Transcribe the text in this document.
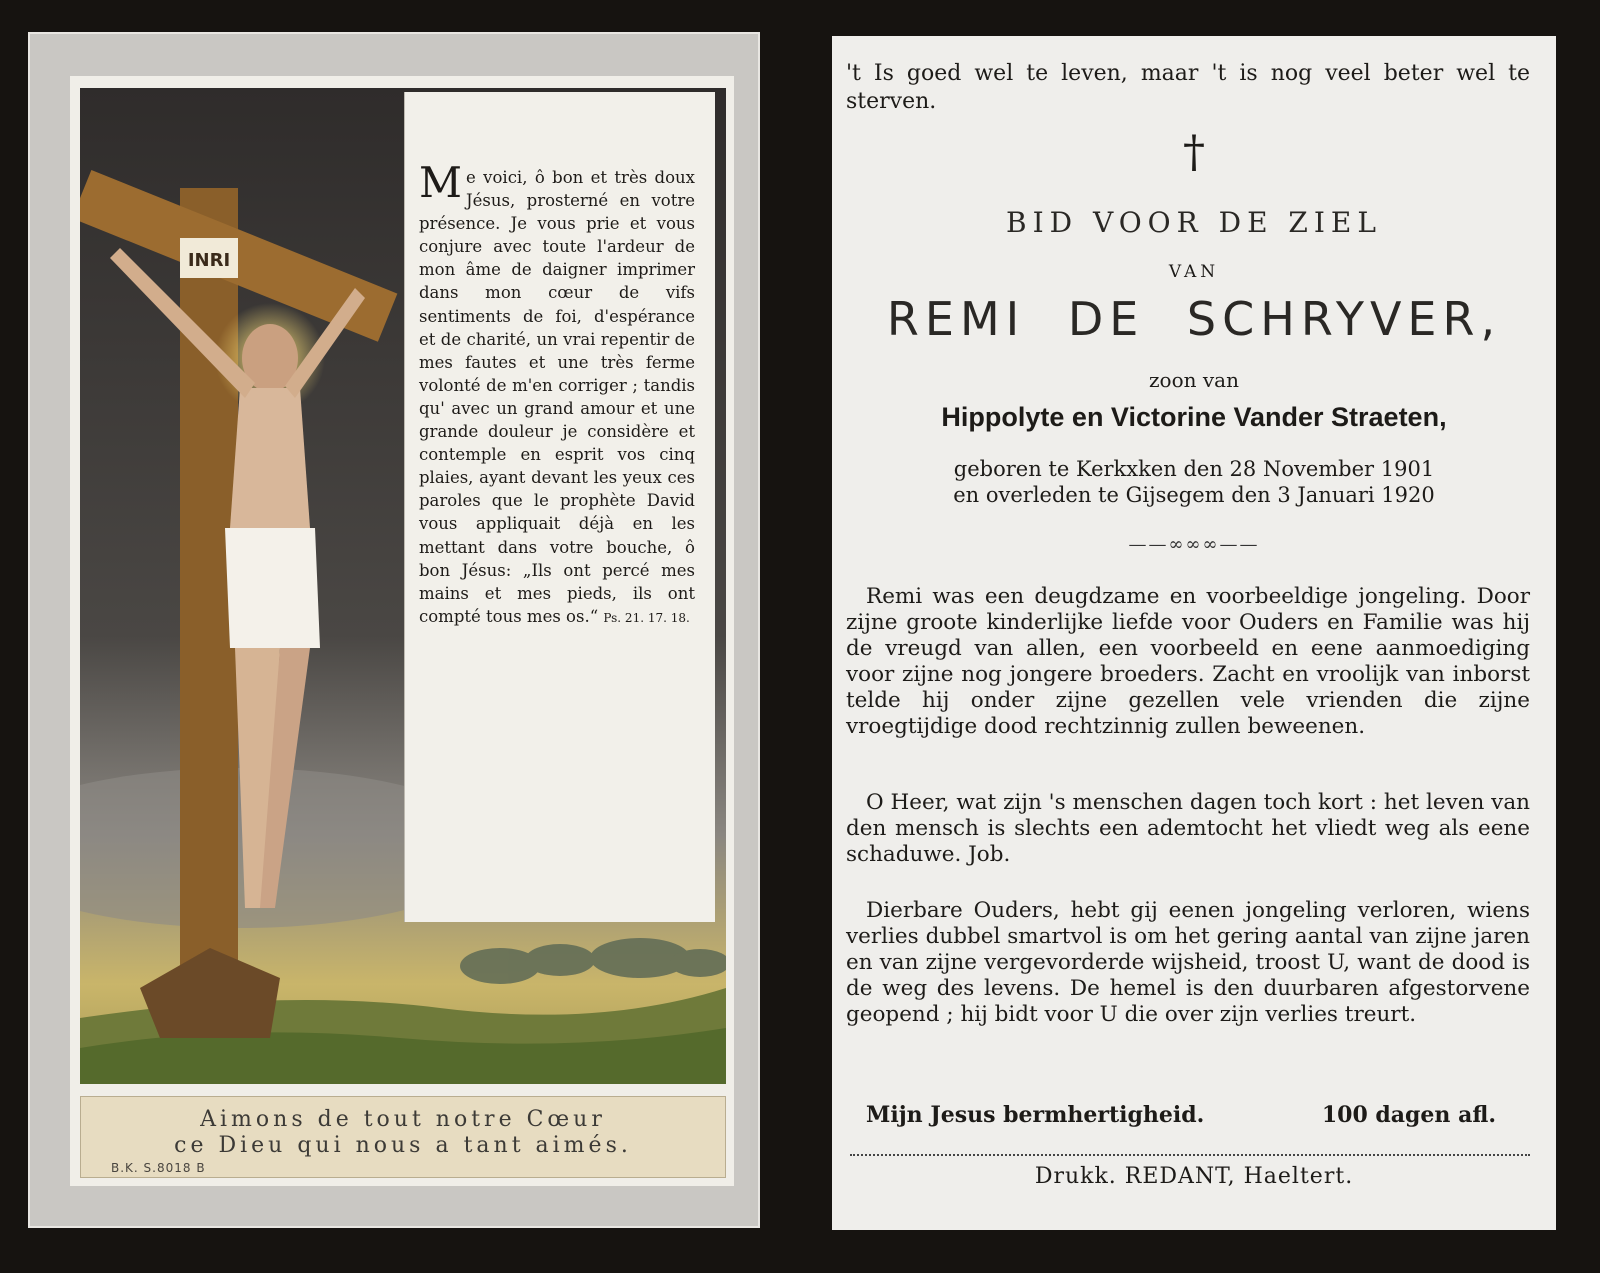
INRI
Me voici, ô bon et très doux Jésus, prosterné en votre présence. Je vous prie et vous conjure avec toute l'ardeur de mon âme de daigner imprimer dans mon cœur de vifs sentiments de foi, d'espérance et de charité, un vrai repentir de mes fautes et une très ferme volonté de m'en corriger ; tandis qu' avec un grand amour et une grande douleur je considère et contemple en esprit vos cinq plaies, ayant devant les yeux ces paroles que le prophète David vous appliquait déjà en les mettant dans votre bouche, ô bon Jésus: „Ils ont percé mes mains et mes pieds, ils ont compté tous mes os.“ Ps. 21. 17. 18.
Aimons de tout notre Cœur
ce Dieu qui nous a tant aimés.
B.K. S.8018 B
't Is goed wel te leven, maar 't is nog veel beter wel te sterven.
†
BID VOOR DE ZIEL
VAN
REMI DE SCHRYVER,
zoon van
Hippolyte en Victorine Vander Straeten,
geboren te Kerkxken den 28 November 1901
en overleden te Gijsegem den 3 Januari 1920
——∞∞∞——
Remi was een deugdzame en voorbeeldige jongeling. Door zijne groote kinderlijke liefde voor Ouders en Familie was hij de vreugd van allen, een voorbeeld en eene aanmoediging voor zijne nog jongere broeders. Zacht en vroolijk van inborst telde hij onder zijne gezellen vele vrienden die zijne vroegtijdige dood rechtzinnig zullen beweenen.
O Heer, wat zijn 's menschen dagen toch kort : het leven van den mensch is slechts een ademtocht het vliedt weg als eene schaduwe. Job.
Dierbare Ouders, hebt gij eenen jongeling verloren, wiens verlies dubbel smartvol is om het gering aantal van zijne jaren en van zijne vergevorderde wijsheid, troost U, want de dood is de weg des levens. De hemel is den duurbaren afgestorvene geopend ; hij bidt voor U die over zijn verlies treurt.
Mijn Jesus bermhertigheid.	100 dagen afl.
Drukk. REDANT, Haeltert.
